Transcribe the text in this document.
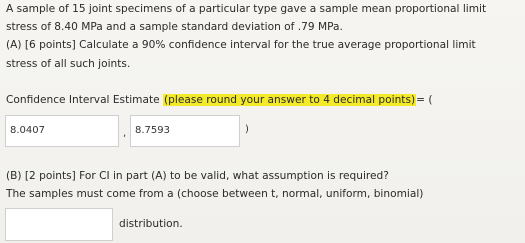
A sample of 15 joint specimens of a particular type gave a sample mean proportional limit
stress of 8.40 MPa and a sample standard deviation of .79 MPa.
(A) [6 points] Calculate a 90% confidence interval for the true average proportional limit
stress of all such joints.
Confidence Interval Estimate (please round your answer to 4 decimal points)= (
8.0407	, 8.7593	)
(B) [2 points] For CI in part (A) to be valid, what assumption is required?
The samples must come from a (choose between t, normal, uniform, binomial)
distribution.
